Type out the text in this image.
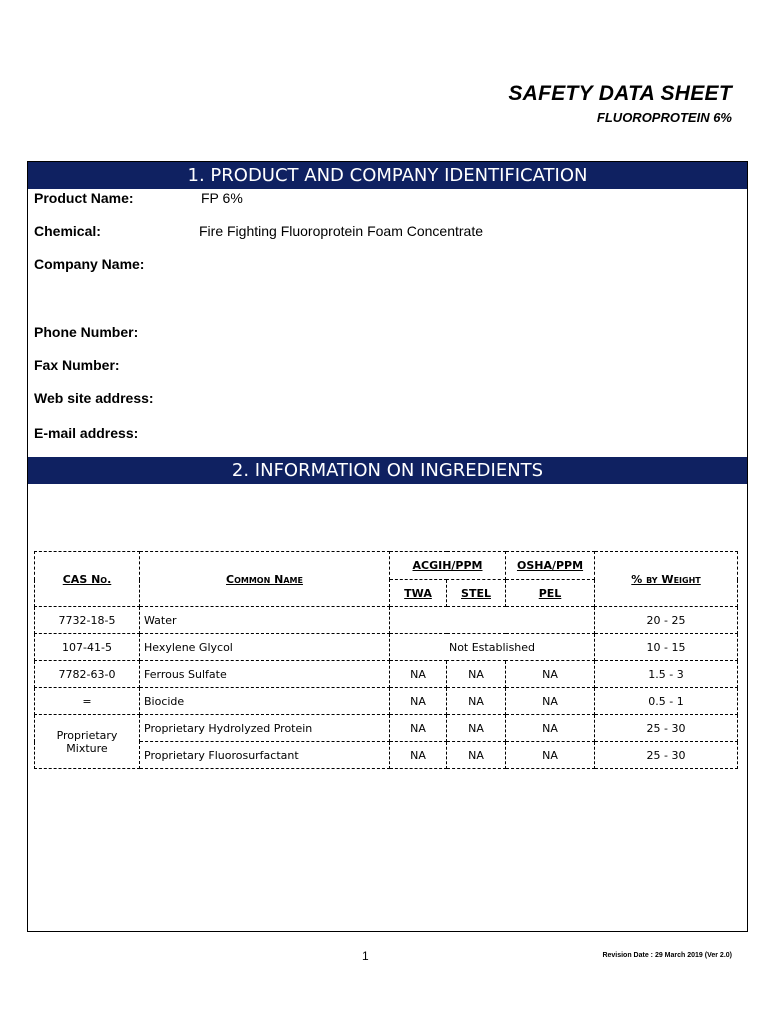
SAFETY DATA SHEET
FLUOROPROTEIN 6%
1. PRODUCT AND COMPANY IDENTIFICATION
Product Name:	FP 6%
Chemical:	Fire Fighting Fluoroprotein Foam Concentrate
Company Name:
Phone Number:
Fax Number:
Web site address:
E-mail address:
2. INFORMATION ON INGREDIENTS
CAS No.	Common Name	ACGIH/PPM		OSHA/PPM	% by Weight
		TWA	STEL	PEL	
7732-18-5	Water				20 - 25
107-41-5	Hexylene Glycol	Not Established			10 - 15
7782-63-0	Ferrous Sulfate	NA	NA	NA	1.5 - 3
=	Biocide	NA	NA	NA	0.5 - 1
Proprietary Mixture	Proprietary Hydrolyzed Protein	NA	NA	NA	25 - 30
	Proprietary Fluorosurfactant	NA	NA	NA	25 - 30
1	Revision Date : 29 March 2019 (Ver 2.0)
